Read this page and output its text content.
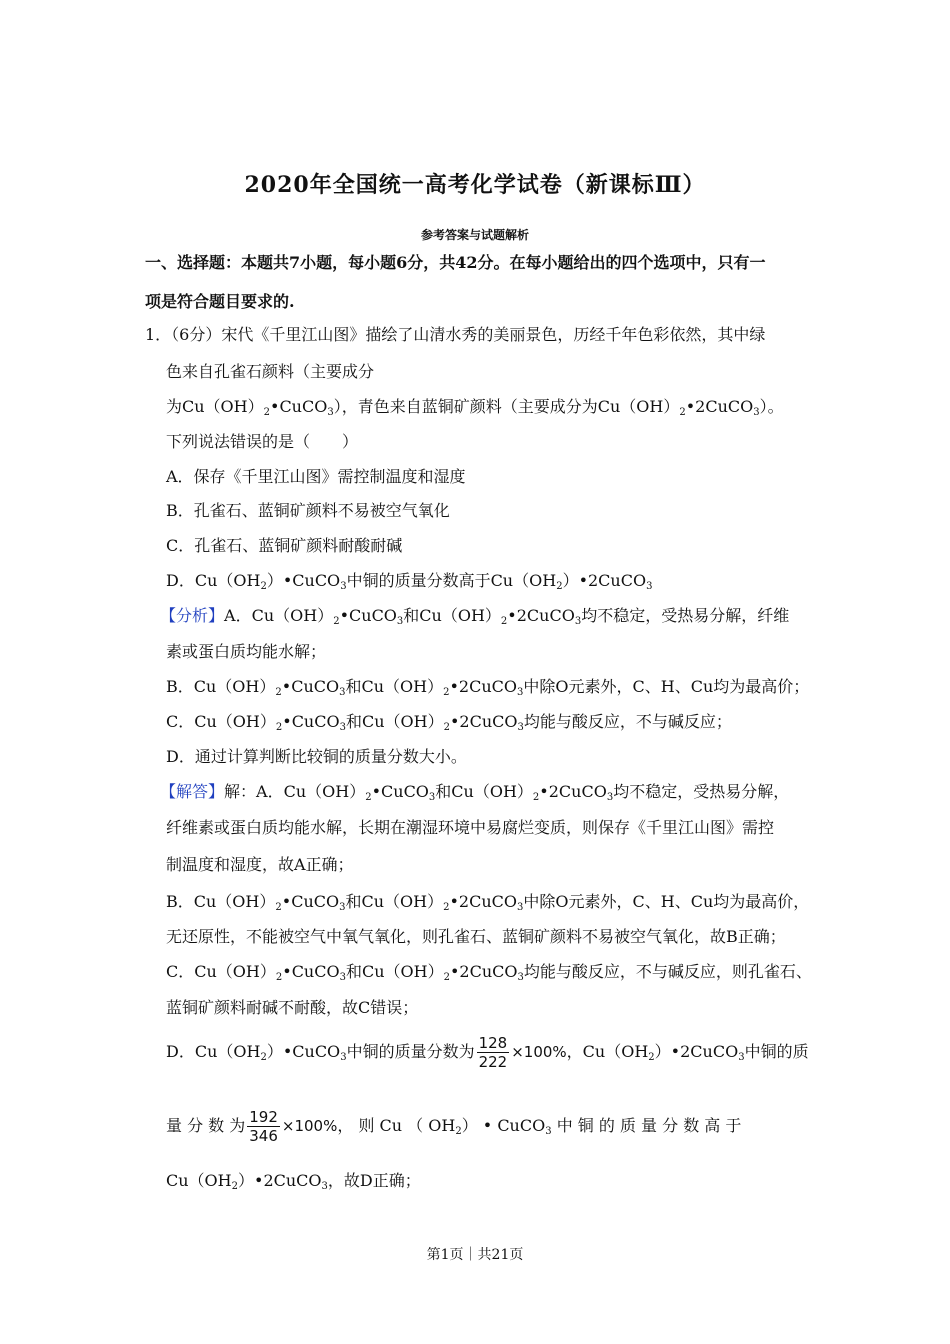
2020年全国统一高考化学试卷（新课标Ⅲ）
参考答案与试题解析
一、选择题：本题共7小题，每小题6分，共42分。在每小题给出的四个选项中，只有一
项是符合题目要求的.
1．（6分）宋代《千里江山图》描绘了山清水秀的美丽景色，历经千年色彩依然，其中绿
色来自孔雀石颜料（主要成分
为$Cu(OH)_2•CuCO_3$），青色来自蓝铜矿颜料（主要成分为$Cu(OH)_2•2CuCO_3$）。
下列说法错误的是（　　）
A．保存《千里江山图》需控制温度和湿度
B．孔雀石、蓝铜矿颜料不易被空气氧化
C．孔雀石、蓝铜矿颜料耐酸耐碱
D．$Cu(OH_2)•CuCO_3$中铜的质量分数高于$Cu(OH_2)•2CuCO_3$
【分析】A．$Cu(OH)_2•CuCO_3$和$Cu(OH)_2•2CuCO_3$均不稳定，受热易分解，纤维
素或蛋白质均能水解；
B．$Cu(OH)_2•CuCO_3$和$Cu(OH)_2•2CuCO_3$中除O元素外，C、H、Cu均为最高价；
C．$Cu(OH)_2•CuCO_3$和$Cu(OH)_2•2CuCO_3$均能与酸反应，不与碱反应；
D．通过计算判断比较铜的质量分数大小。
【解答】解：A．$Cu(OH)_2•CuCO_3$和$Cu(OH)_2•2CuCO_3$均不稳定，受热易分解，
纤维素或蛋白质均能水解，长期在潮湿环境中易腐烂变质，则保存《千里江山图》需控
制温度和湿度，故A正确；
B．$Cu(OH)_2•CuCO_3$和$Cu(OH)_2•2CuCO_3$中除O元素外，C、H、Cu均为最高价，
无还原性，不能被空气中氧气氧化，则孔雀石、蓝铜矿颜料不易被空气氧化，故B正确；
C．$Cu(OH)_2•CuCO_3$和$Cu(OH)_2•2CuCO_3$均能与酸反应，不与碱反应，则孔雀石、
蓝铜矿颜料耐碱不耐酸，故C错误；
D．$Cu(OH_2)•CuCO_3$中铜的质量分数为 $\frac{128}{222} \times 100\%$，$Cu(OH_2)•2CuCO_3$中铜的质
量 分 数 为 $\frac{192}{346} \times 100\%$， 则 Cu （ $OH_2$） • CuCO$_3$ 中 铜 的 质 量 分 数 高 于
$Cu(OH_2)•2CuCO_3$，故D正确；
第1页｜共21页
